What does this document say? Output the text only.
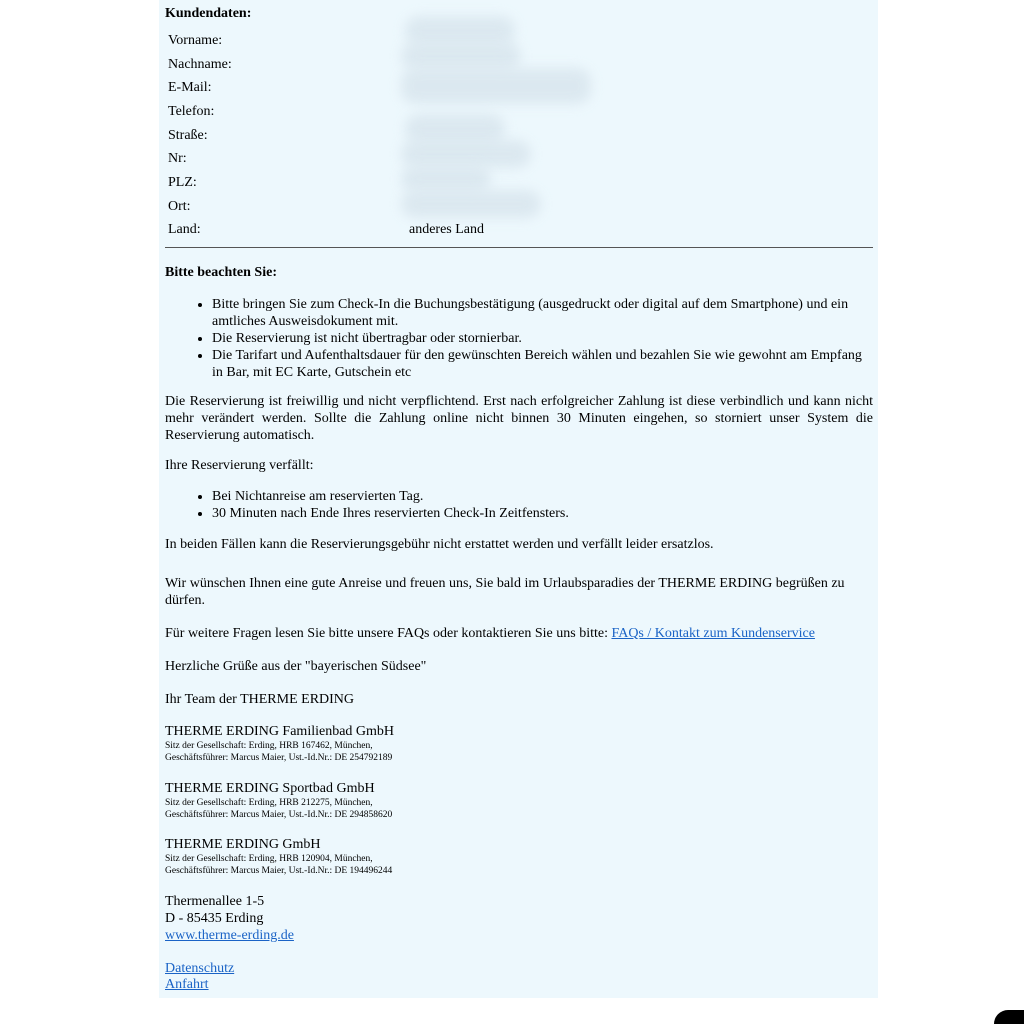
Kundendaten:
Vorname:
Nachname:
E-Mail:
Telefon:
Straße:
Nr:
PLZ:
Ort:
Land:	anderes Land
Bitte beachten Sie:
• Bitte bringen Sie zum Check-In die Buchungsbestätigung (ausgedruckt oder digital auf dem Smartphone) und ein amtliches Ausweisdokument mit.
• Die Reservierung ist nicht übertragbar oder stornierbar.
• Die Tarifart und Aufenthaltsdauer für den gewünschten Bereich wählen und bezahlen Sie wie gewohnt am Empfang in Bar, mit EC Karte, Gutschein etc
Die Reservierung ist freiwillig und nicht verpflichtend. Erst nach erfolgreicher Zahlung ist diese verbindlich und kann nicht mehr verändert werden. Sollte die Zahlung online nicht binnen 30 Minuten eingehen, so storniert unser System die Reservierung automatisch.
Ihre Reservierung verfällt:
• Bei Nichtanreise am reservierten Tag.
• 30 Minuten nach Ende Ihres reservierten Check-In Zeitfensters.
In beiden Fällen kann die Reservierungsgebühr nicht erstattet werden und verfällt leider ersatzlos.
Wir wünschen Ihnen eine gute Anreise und freuen uns, Sie bald im Urlaubsparadies der THERME ERDING begrüßen zu dürfen.
Für weitere Fragen lesen Sie bitte unsere FAQs oder kontaktieren Sie uns bitte: FAQs / Kontakt zum Kundenservice
Herzliche Grüße aus der "bayerischen Südsee"
Ihr Team der THERME ERDING
THERME ERDING Familienbad GmbH
Sitz der Gesellschaft: Erding, HRB 167462, München,
Geschäftsführer: Marcus Maier, Ust.-Id.Nr.: DE 254792189
THERME ERDING Sportbad GmbH
Sitz der Gesellschaft: Erding, HRB 212275, München,
Geschäftsführer: Marcus Maier, Ust.-Id.Nr.: DE 294858620
THERME ERDING GmbH
Sitz der Gesellschaft: Erding, HRB 120904, München,
Geschäftsführer: Marcus Maier, Ust.-Id.Nr.: DE 194496244
Thermenallee 1-5
D - 85435 Erding
www.therme-erding.de
Datenschutz
Anfahrt
